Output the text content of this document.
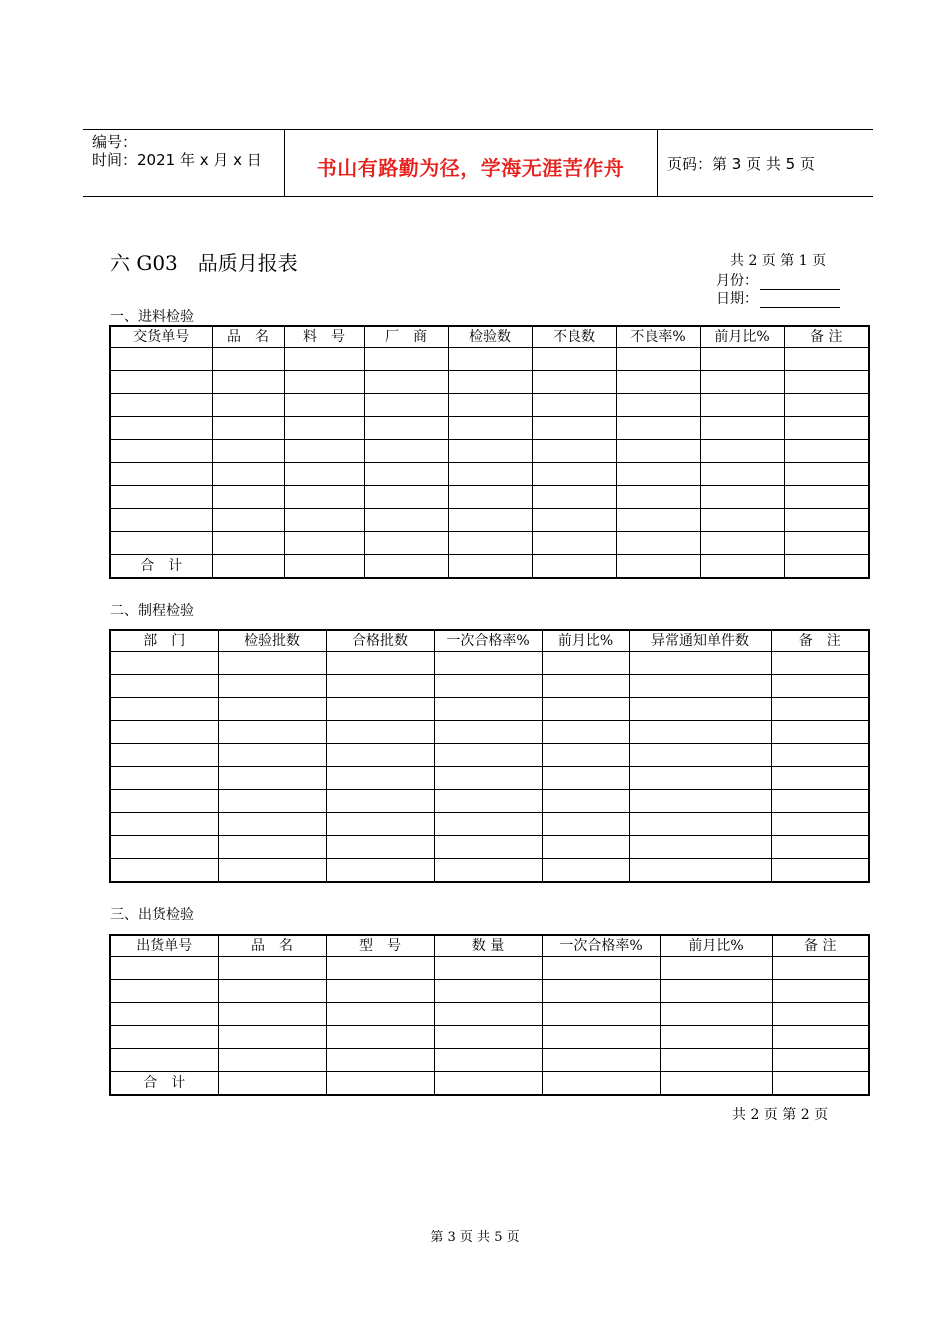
编号：
时间：2021 年 x 月 x 日	书山有路勤为径，学海无涯苦作舟	页码：第 3 页 共 5 页
六 G03　品质月报表	共 2 页 第 1 页
月份：
日期：
一、进料检验
交货单号	品　名	料　号	厂　商	检验数	不良数	不良率%	前月比%	备 注

合　计								
二、制程检验
部　门	检验批数	合格批数	一次合格率%	前月比%	异常通知单件数	备　注

三、出货检验
出货单号	品　名	型　号	数 量	一次合格率%	前月比%	备 注

合　计						
共 2 页 第 2 页
第 3 页 共 5 页
